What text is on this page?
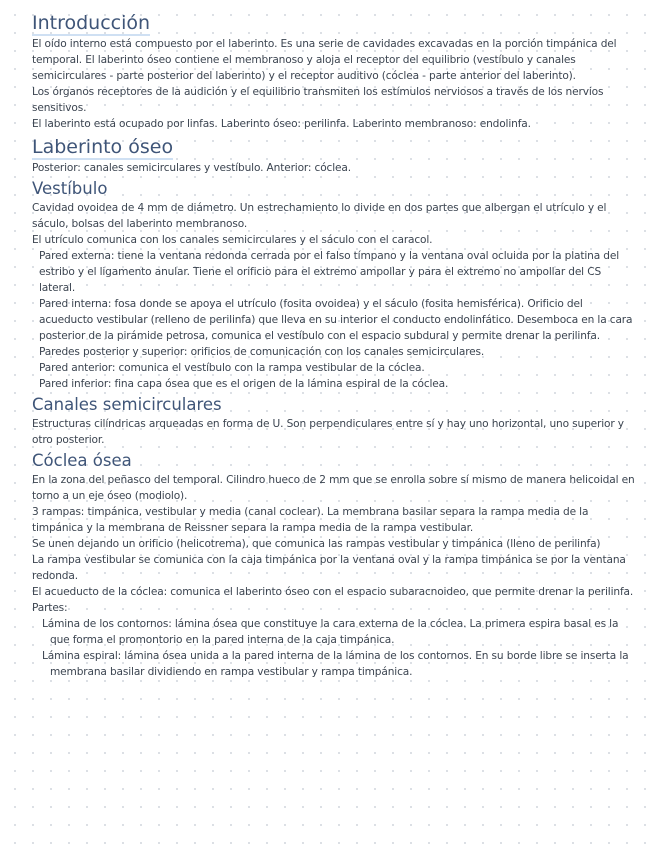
Introducción

El oído interno está compuesto por el laberinto. Es una serie de cavidades excavadas en la porción timpánica del temporal. El laberinto óseo contiene el membranoso y aloja el receptor del equilibrio (vestíbulo y canales semicirculares - parte posterior del laberinto) y el receptor auditivo (cóclea - parte anterior del laberinto).

Los órganos receptores de la audición y el equilibrio transmiten los estímulos nerviosos a través de los nervios sensitivos.

El laberinto está ocupado por linfas. Laberinto óseo: perilinfa. Laberinto membranoso: endolinfa.

Laberinto óseo

Posterior: canales semicirculares y vestíbulo. Anterior: cóclea.

Vestíbulo

Cavidad ovoidea de 4 mm de diámetro. Un estrechamiento lo divide en dos partes que albergan el utrículo y el sáculo, bolsas del laberinto membranoso.

El utrículo comunica con los canales semicirculares y el sáculo con el caracol.

Pared externa: tiene la ventana redonda cerrada por el falso tímpano y la ventana oval ocluida por la platina del estribo y el ligamento anular. Tiene el orificio para el extremo ampollar y para el extremo no ampollar del CS lateral.

Pared interna: fosa donde se apoya el utrículo (fosita ovoidea) y el sáculo (fosita hemisférica). Orificio del acueducto vestibular (relleno de perilinfa) que lleva en su interior el conducto endolinfático. Desemboca en la cara posterior de la pirámide petrosa, comunica el vestíbulo con el espacio subdural y permite drenar la perilinfa.

Paredes posterior y superior: orificios de comunicación con los canales semicirculares.

Pared anterior: comunica el vestíbulo con la rampa vestibular de la cóclea.

Pared inferior: fina capa ósea que es el origen de la lámina espiral de la cóclea.

Canales semicirculares

Estructuras cilíndricas arqueadas en forma de U. Son perpendiculares entre sí y hay uno horizontal, uno superior y otro posterior.

Cóclea ósea

En la zona del peñasco del temporal. Cilindro hueco de 2 mm que se enrolla sobre sí mismo de manera helicoidal en torno a un eje óseo (modiolo).

3 rampas: timpánica, vestibular y media (canal coclear). La membrana basilar separa la rampa media de la timpánica y la membrana de Reissner separa la rampa media de la rampa vestibular.

Se unen dejando un orificio (helicotrema), que comunica las rampas vestibular y timpánica (lleno de perilinfa)

La rampa vestibular se comunica con la caja timpánica por la ventana oval y la rampa timpánica se por la ventana redonda.

El acueducto de la cóclea: comunica el laberinto óseo con el espacio subaracnoideo, que permite drenar la perilinfa. Partes:

Lámina de los contornos: lámina ósea que constituye la cara externa de la cóclea. La primera espira basal es la que forma el promontorio en la pared interna de la caja timpánica.

Lámina espiral: lámina ósea unida a la pared interna de la lámina de los contornos. En su borde libre se inserta la membrana basilar dividiendo en rampa vestibular y rampa timpánica.
